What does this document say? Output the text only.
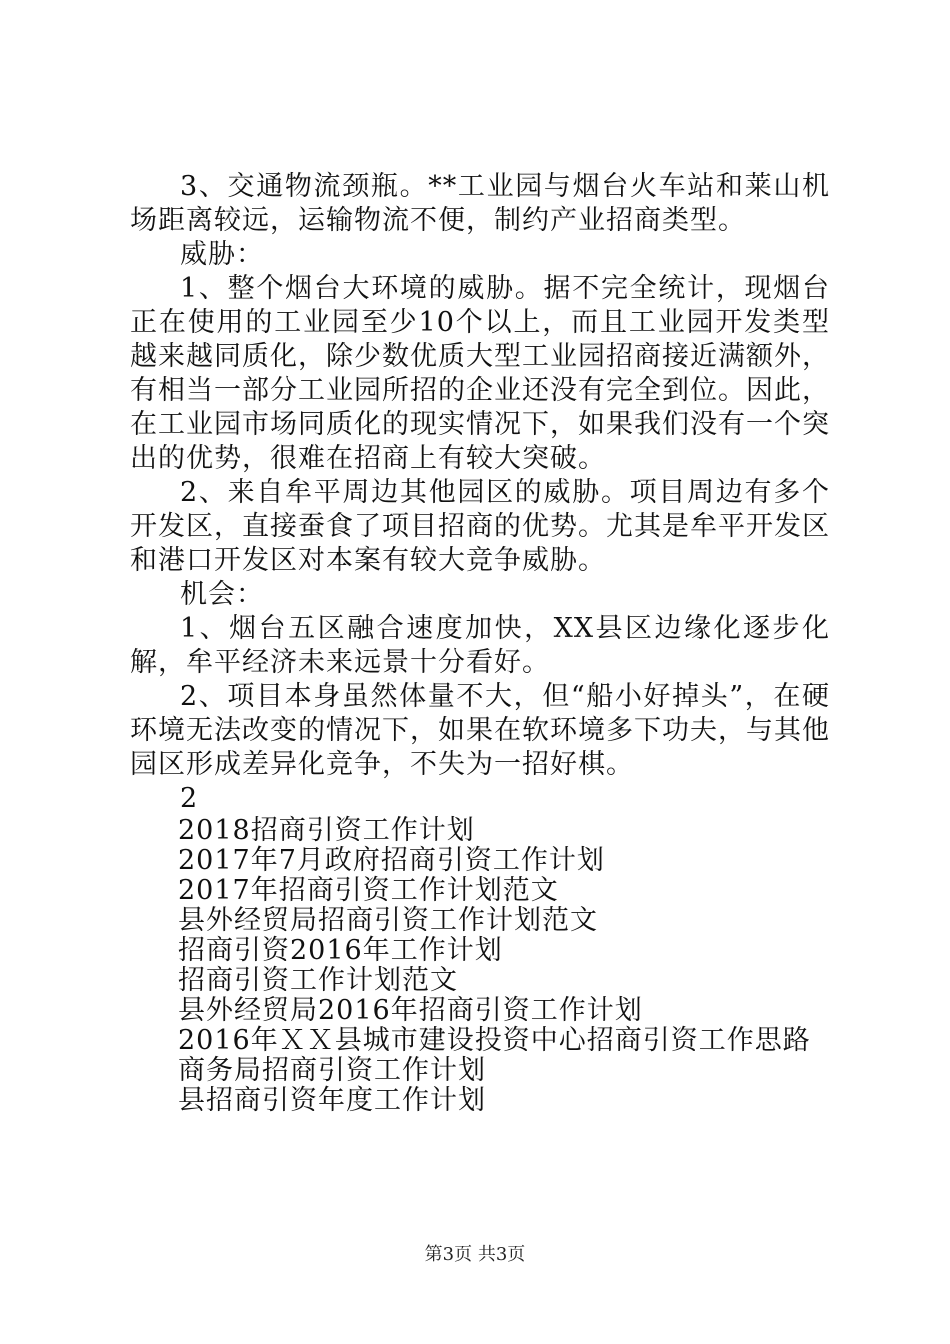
3、交通物流颈瓶。**工业园与烟台火车站和莱山机场距离较远，运输物流不便，制约产业招商类型。

威胁：

1、整个烟台大环境的威胁。据不完全统计，现烟台正在使用的工业园至少10个以上，而且工业园开发类型越来越同质化，除少数优质大型工业园招商接近满额外，有相当一部分工业园所招的企业还没有完全到位。因此，在工业园市场同质化的现实情况下，如果我们没有一个突出的优势，很难在招商上有较大突破。

2、来自牟平周边其他园区的威胁。项目周边有多个开发区，直接蚕食了项目招商的优势。尤其是牟平开发区和港口开发区对本案有较大竞争威胁。

机会：

1、烟台五区融合速度加快，XX县区边缘化逐步化解，牟平经济未来远景十分看好。

2、项目本身虽然体量不大，但“船小好掉头”，在硬环境无法改变的情况下，如果在软环境多下功夫，与其他园区形成差异化竞争，不失为一招好棋。

2

2018招商引资工作计划
2017年7月政府招商引资工作计划
2017年招商引资工作计划范文
县外经贸局招商引资工作计划范文
招商引资2016年工作计划
招商引资工作计划范文
县外经贸局2016年招商引资工作计划
2016年ＸＸ县城市建设投资中心招商引资工作思路
商务局招商引资工作计划
县招商引资年度工作计划
第3页 共3页
